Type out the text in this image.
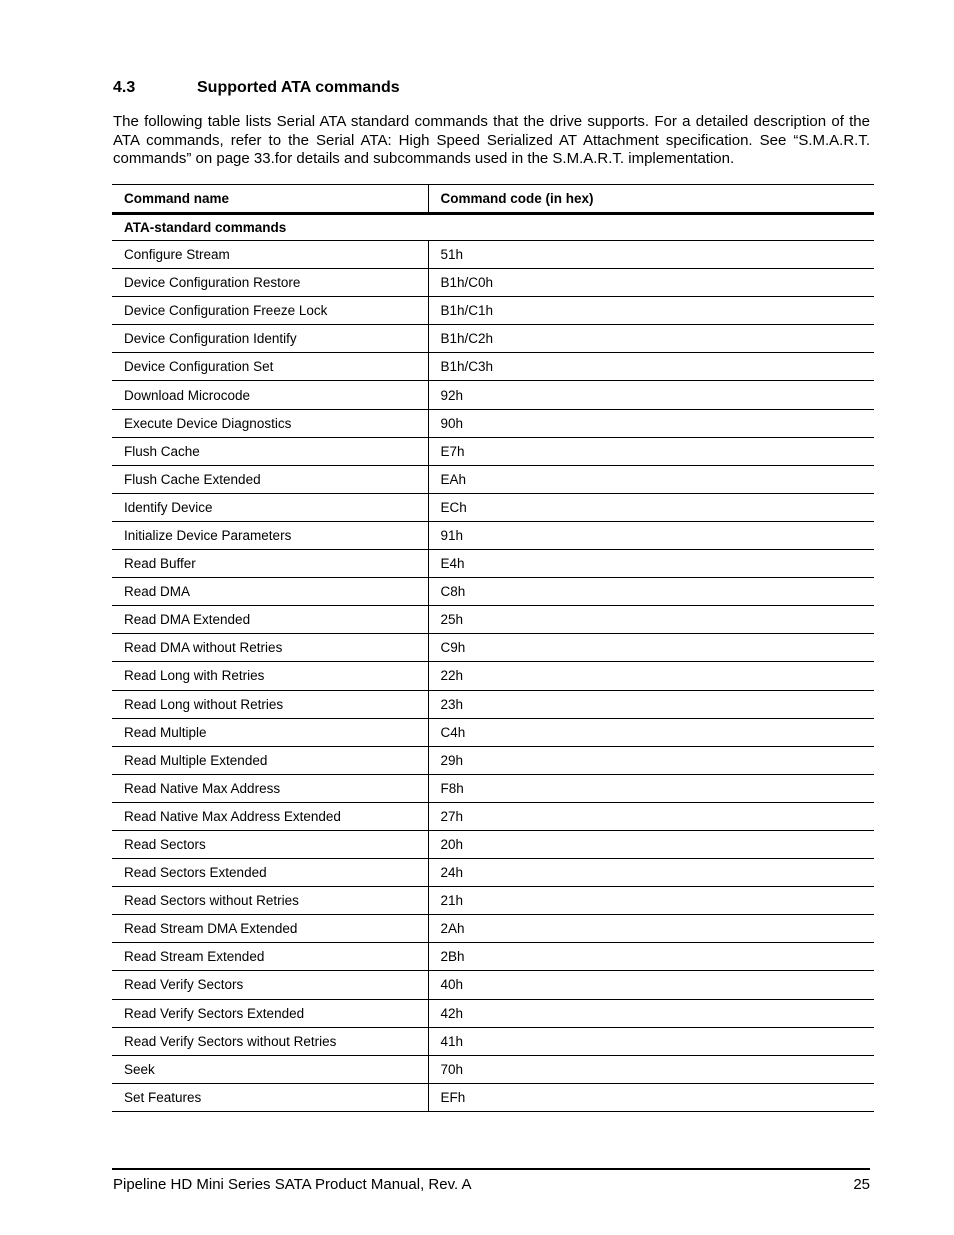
4.3	Supported ATA commands

The following table lists Serial ATA standard commands that the drive supports. For a detailed description of the ATA commands, refer to the Serial ATA: High Speed Serialized AT Attachment specification. See “S.M.A.R.T. commands” on page 33.for details and subcommands used in the S.M.A.R.T. implementation.

Command name	Command code (in hex)
ATA-standard commands	
Configure Stream	51h
Device Configuration Restore	B1h/C0h
Device Configuration Freeze Lock	B1h/C1h
Device Configuration Identify	B1h/C2h
Device Configuration Set	B1h/C3h
Download Microcode	92h
Execute Device Diagnostics	90h
Flush Cache	E7h
Flush Cache Extended	EAh
Identify Device	ECh
Initialize Device Parameters	91h
Read Buffer	E4h
Read DMA	C8h
Read DMA Extended	25h
Read DMA without Retries	C9h
Read Long with Retries	22h
Read Long without Retries	23h
Read Multiple	C4h
Read Multiple Extended	29h
Read Native Max Address	F8h
Read Native Max Address Extended	27h
Read Sectors	20h
Read Sectors Extended	24h
Read Sectors without Retries	21h
Read Stream DMA Extended	2Ah
Read Stream Extended	2Bh
Read Verify Sectors	40h
Read Verify Sectors Extended	42h
Read Verify Sectors without Retries	41h
Seek	70h
Set Features	EFh
Pipeline HD Mini Series SATA Product Manual, Rev. A	25
